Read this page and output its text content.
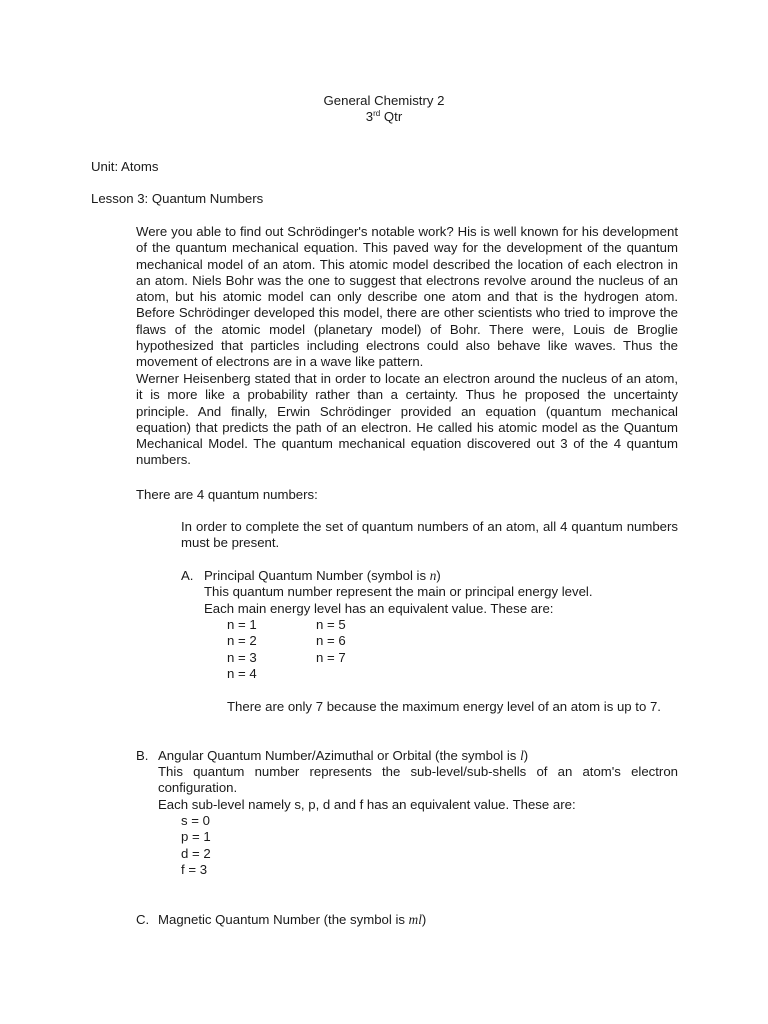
General Chemistry 2
3rd Qtr
Unit: Atoms
Lesson 3: Quantum Numbers

Were you able to find out Schrödinger's notable work? His is well known for his development of the quantum mechanical equation. This paved way for the development of the quantum mechanical model of an atom. This atomic model described the location of each electron in an atom. Niels Bohr was the one to suggest that electrons revolve around the nucleus of an atom, but his atomic model can only describe one atom and that is the hydrogen atom. Before Schrödinger developed this model, there are other scientists who tried to improve the flaws of the atomic model (planetary model) of Bohr. There were, Louis de Broglie hypothesized that particles including electrons could also behave like waves. Thus the movement of electrons are in a wave like pattern.

Werner Heisenberg stated that in order to locate an electron around the nucleus of an atom, it is more like a probability rather than a certainty. Thus he proposed the uncertainty principle. And finally, Erwin Schrödinger provided an equation (quantum mechanical equation) that predicts the path of an electron. He called his atomic model as the Quantum Mechanical Model. The quantum mechanical equation discovered out 3 of the 4 quantum numbers.

There are 4 quantum numbers:

In order to complete the set of quantum numbers of an atom, all 4 quantum numbers must be present.

A. Principal Quantum Number (symbol is n)
This quantum number represent the main or principal energy level.
Each main energy level has an equivalent value. These are:
n = 1
n = 2
n = 3
n = 4
n = 5
n = 6
n = 7
There are only 7 because the maximum energy level of an atom is up to 7.
B. Angular Quantum Number/Azimuthal or Orbital (the symbol is l)

This quantum number represents the sub-level/sub-shells of an atom's electron configuration.

Each sub-level namely s, p, d and f has an equivalent value. These are:
s = 0
p = 1
d = 2
f = 3
C. Magnetic Quantum Number (the symbol is ml)
